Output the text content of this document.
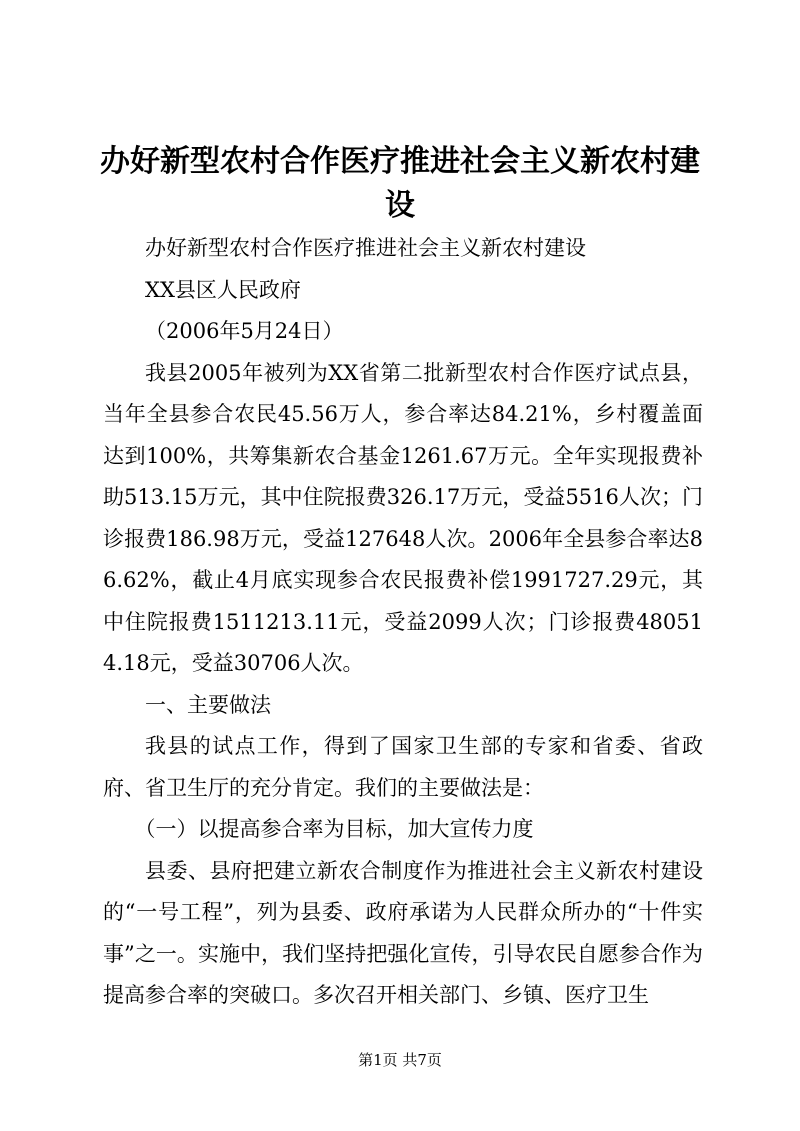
办好新型农村合作医疗推进社会主义新农村建设

办好新型农村合作医疗推进社会主义新农村建设

XX县区人民政府

（2006年5月24日）

我县2005年被列为XX省第二批新型农村合作医疗试点县，当年全县参合农民45.56万人，参合率达84.21%，乡村覆盖面达到100%，共筹集新农合基金1261.67万元。全年实现报费补助513.15万元，其中住院报费326.17万元，受益5516人次；门诊报费186.98万元，受益127648人次。2006年全县参合率达86.62%，截止4月底实现参合农民报费补偿1991727.29元，其中住院报费1511213.11元，受益2099人次；门诊报费480514.18元，受益30706人次。

一、主要做法

我县的试点工作，得到了国家卫生部的专家和省委、省政府、省卫生厅的充分肯定。我们的主要做法是：

（一）以提高参合率为目标，加大宣传力度

县委、县府把建立新农合制度作为推进社会主义新农村建设的“一号工程”，列为县委、政府承诺为人民群众所办的“十件实事”之一。实施中，我们坚持把强化宣传，引导农民自愿参合作为提高参合率的突破口。多次召开相关部门、乡镇、医疗卫生

第1页 共7页
